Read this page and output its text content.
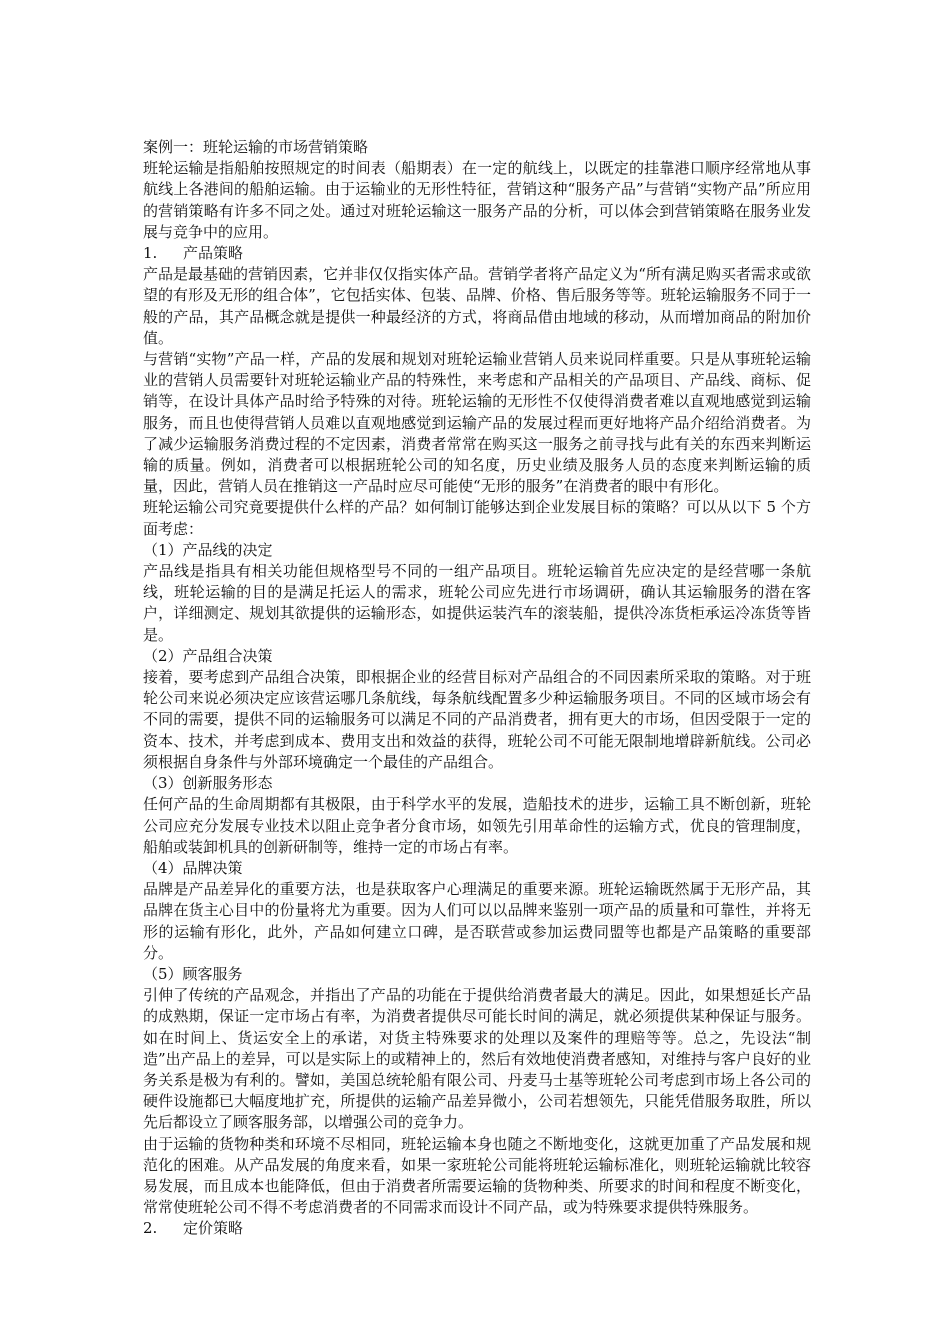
案例一：班轮运输的市场营销策略

班轮运输是指船舶按照规定的时间表（船期表）在一定的航线上，以既定的挂靠港口顺序经常地从事航线上各港间的船舶运输。由于运输业的无形性特征，营销这种“服务产品”与营销“实物产品”所应用的营销策略有许多不同之处。通过对班轮运输这一服务产品的分析，可以体会到营销策略在服务业发展与竞争中的应用。

1. 产品策略

产品是最基础的营销因素，它并非仅仅指实体产品。营销学者将产品定义为“所有满足购买者需求或欲望的有形及无形的组合体”，它包括实体、包装、品牌、价格、售后服务等等。班轮运输服务不同于一般的产品，其产品概念就是提供一种最经济的方式，将商品借由地域的移动，从而增加商品的附加价值。

与营销“实物”产品一样，产品的发展和规划对班轮运输业营销人员来说同样重要。只是从事班轮运输业的营销人员需要针对班轮运输业产品的特殊性，来考虑和产品相关的产品项目、产品线、商标、促销等，在设计具体产品时给予特殊的对待。班轮运输的无形性不仅使得消费者难以直观地感觉到运输服务，而且也使得营销人员难以直观地感觉到运输产品的发展过程而更好地将产品介绍给消费者。为了减少运输服务消费过程的不定因素，消费者常常在购买这一服务之前寻找与此有关的东西来判断运输的质量。例如，消费者可以根据班轮公司的知名度，历史业绩及服务人员的态度来判断运输的质量，因此，营销人员在推销这一产品时应尽可能使“无形的服务”在消费者的眼中有形化。

班轮运输公司究竟要提供什么样的产品？如何制订能够达到企业发展目标的策略？可以从以下 5 个方面考虑：

（1）产品线的决定

产品线是指具有相关功能但规格型号不同的一组产品项目。班轮运输首先应决定的是经营哪一条航线，班轮运输的目的是满足托运人的需求，班轮公司应先进行市场调研，确认其运输服务的潜在客户，详细测定、规划其欲提供的运输形态，如提供运装汽车的滚装船，提供冷冻货柜承运冷冻货等皆是。

（2）产品组合决策

接着，要考虑到产品组合决策，即根据企业的经营目标对产品组合的不同因素所采取的策略。对于班轮公司来说必须决定应该营运哪几条航线，每条航线配置多少种运输服务项目。不同的区域市场会有不同的需要，提供不同的运输服务可以满足不同的产品消费者，拥有更大的市场，但因受限于一定的资本、技术，并考虑到成本、费用支出和效益的获得，班轮公司不可能无限制地增辟新航线。公司必须根据自身条件与外部环境确定一个最佳的产品组合。

（3）创新服务形态

任何产品的生命周期都有其极限，由于科学水平的发展，造船技术的进步，运输工具不断创新，班轮公司应充分发展专业技术以阻止竞争者分食市场，如领先引用革命性的运输方式，优良的管理制度，船舶或装卸机具的创新研制等，维持一定的市场占有率。

（4）品牌决策

品牌是产品差异化的重要方法，也是获取客户心理满足的重要来源。班轮运输既然属于无形产品，其品牌在货主心目中的份量将尤为重要。因为人们可以以品牌来鉴别一项产品的质量和可靠性，并将无形的运输有形化，此外，产品如何建立口碑，是否联营或参加运费同盟等也都是产品策略的重要部分。

（5）顾客服务

引伸了传统的产品观念，并指出了产品的功能在于提供给消费者最大的满足。因此，如果想延长产品的成熟期，保证一定市场占有率，为消费者提供尽可能长时间的满足，就必须提供某种保证与服务。如在时间上、货运安全上的承诺，对货主特殊要求的处理以及案件的理赔等等。总之，先设法“制造”出产品上的差异，可以是实际上的或精神上的，然后有效地使消费者感知，对维持与客户良好的业务关系是极为有利的。譬如，美国总统轮船有限公司、丹麦马士基等班轮公司考虑到市场上各公司的硬件设施都已大幅度地扩充，所提供的运输产品差异微小，公司若想领先，只能凭借服务取胜，所以先后都设立了顾客服务部，以增强公司的竞争力。

由于运输的货物种类和环境不尽相同，班轮运输本身也随之不断地变化，这就更加重了产品发展和规范化的困难。从产品发展的角度来看，如果一家班轮公司能将班轮运输标准化，则班轮运输就比较容易发展，而且成本也能降低，但由于消费者所需要运输的货物种类、所要求的时间和程度不断变化，常常使班轮公司不得不考虑消费者的不同需求而设计不同产品，或为特殊要求提供特殊服务。

2. 定价策略
